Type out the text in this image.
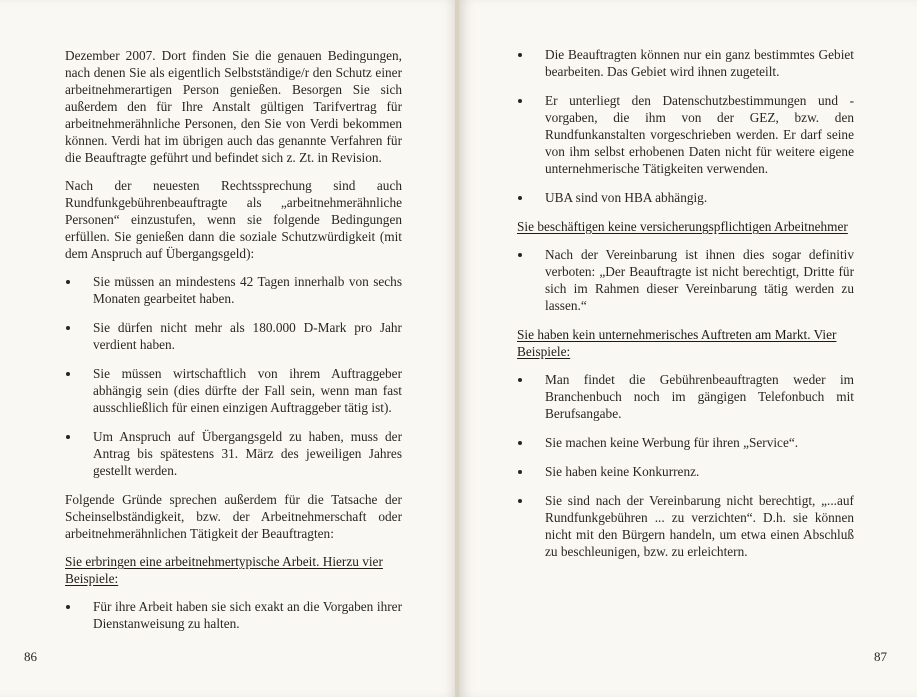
Dezember 2007. Dort finden Sie die genauen Bedingungen, nach denen Sie als eigentlich Selbstständige/r den Schutz einer arbeitnehmerartigen Person genießen. Besorgen Sie sich außerdem den für Ihre Anstalt gültigen Tarifvertrag für arbeitnehmerähnliche Personen, den Sie von Verdi bekommen können. Verdi hat im übrigen auch das genannte Verfahren für die Beauftragte geführt und befindet sich z. Zt. in Revision.

Nach der neuesten Rechtssprechung sind auch Rundfunkgebührenbeauftragte als „arbeitnehmerähnliche Personen“ einzustufen, wenn sie folgende Bedingungen erfüllen. Sie genießen dann die soziale Schutzwürdigkeit (mit dem Anspruch auf Übergangsgeld):

Sie müssen an mindestens 42 Tagen innerhalb von sechs Monaten gearbeitet haben.
Sie dürfen nicht mehr als 180.000 D-Mark pro Jahr verdient haben.
Sie müssen wirtschaftlich von ihrem Auftraggeber abhängig sein (dies dürfte der Fall sein, wenn man fast ausschließlich für einen einzigen Auftraggeber tätig ist).
Um Anspruch auf Übergangsgeld zu haben, muss der Antrag bis spätestens 31. März des jeweiligen Jahres gestellt werden.

Folgende Gründe sprechen außerdem für die Tatsache der Scheinselbständigkeit, bzw. der Arbeitnehmerschaft oder arbeitnehmerähnlichen Tätigkeit der Beauftragten:

Sie erbringen eine arbeitnehmertypische Arbeit. Hierzu vier Beispiele:

Für ihre Arbeit haben sie sich exakt an die Vorgaben ihrer Dienstanweisung zu halten.
86
Die Beauftragten können nur ein ganz bestimmtes Gebiet bearbeiten. Das Gebiet wird ihnen zugeteilt.
Er unterliegt den Datenschutzbestimmungen und -vorgaben, die ihm von der GEZ, bzw. den Rundfunkanstalten vorgeschrieben werden. Er darf seine von ihm selbst erhobenen Daten nicht für weitere eigene unternehmerische Tätigkeiten verwenden.
UBA sind von HBA abhängig.

Sie beschäftigen keine versicherungspflichtigen Arbeitnehmer

Nach der Vereinbarung ist ihnen dies sogar definitiv verboten: „Der Beauftragte ist nicht berechtigt, Dritte für sich im Rahmen dieser Vereinbarung tätig werden zu lassen.“

Sie haben kein unternehmerisches Auftreten am Markt. Vier Beispiele:

Man findet die Gebührenbeauftragten weder im Branchenbuch noch im gängigen Telefonbuch mit Berufsangabe.
Sie machen keine Werbung für ihren „Service“.
Sie haben keine Konkurrenz.
Sie sind nach der Vereinbarung nicht berechtigt, „...auf Rundfunkgebühren ... zu verzichten“. D.h. sie können nicht mit den Bürgern handeln, um etwa einen Abschluß zu beschleunigen, bzw. zu erleichtern.
87
